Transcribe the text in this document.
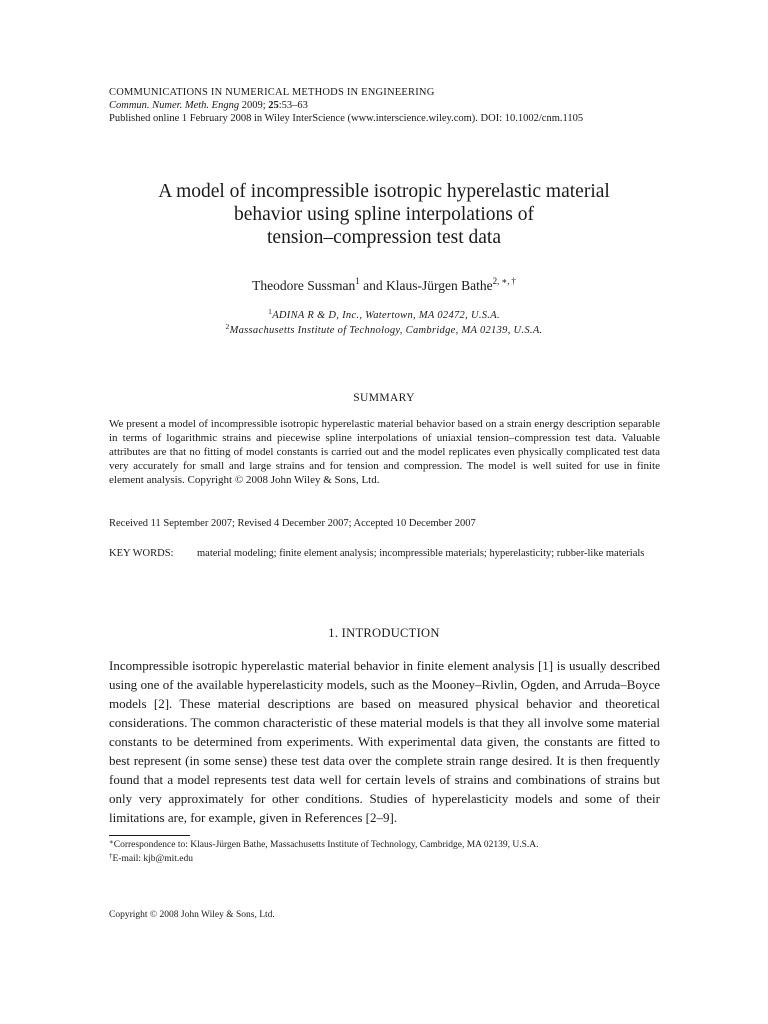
COMMUNICATIONS IN NUMERICAL METHODS IN ENGINEERING
Commun. Numer. Meth. Engng 2009; 25:53–63
Published online 1 February 2008 in Wiley InterScience (www.interscience.wiley.com). DOI: 10.1002/cnm.1105
A model of incompressible isotropic hyperelastic material
behavior using spline interpolations of
tension–compression test data
Theodore Sussman$^1$ and Klaus-Jürgen Bathe$^{2, ∗, \dagger}$
$^1$ADINA R & D, Inc., Watertown, MA 02472, U.S.A.
$^2$Massachusetts Institute of Technology, Cambridge, MA 02139, U.S.A.
SUMMARY
We present a model of incompressible isotropic hyperelastic material behavior based on a strain energy description separable in terms of logarithmic strains and piecewise spline interpolations of uniaxial tension–compression test data. Valuable attributes are that no fitting of model constants is carried out and the model replicates even physically complicated test data very accurately for small and large strains and for tension and compression. The model is well suited for use in finite element analysis. Copyright © 2008 John Wiley & Sons, Ltd.
Received 11 September 2007; Revised 4 December 2007; Accepted 10 December 2007
KEY WORDS: material modeling; finite element analysis; incompressible materials; hyperelasticity; rubber-like materials
1. INTRODUCTION
Incompressible isotropic hyperelastic material behavior in finite element analysis [1] is usually described using one of the available hyperelasticity models, such as the Mooney–Rivlin, Ogden, and Arruda–Boyce models [2]. These material descriptions are based on measured physical behavior and theoretical considerations. The common characteristic of these material models is that they all involve some material constants to be determined from experiments. With experimental data given, the constants are fitted to best represent (in some sense) these test data over the complete strain range desired. It is then frequently found that a model represents test data well for certain levels of strains and combinations of strains but only very approximately for other conditions. Studies of hyperelasticity models and some of their limitations are, for example, given in References [2–9].
∗Correspondence to: Klaus-Jürgen Bathe, Massachusetts Institute of Technology, Cambridge, MA 02139, U.S.A.
†E-mail: kjb@mit.edu
Copyright © 2008 John Wiley & Sons, Ltd.
